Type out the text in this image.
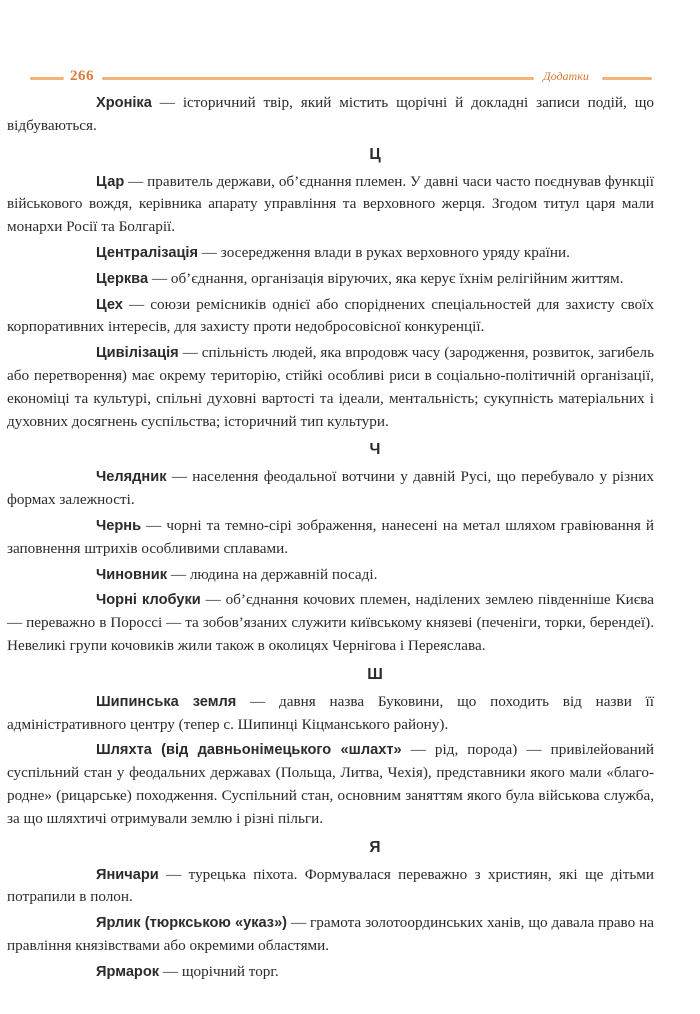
266	Додатки

Хроніка — історичний твір, який містить щорічні й докладні записи подій, що відбуваються.

Ц

Цар — правитель держави, об’єднання племен. У давні часи часто поєднував функції військового вождя, керівника апарату управління та верховного жерця. Згодом титул царя мали монархи Росії та Болгарії.

Централізація — зосередження влади в руках верховного уряду країни.

Церква — об’єднання, організація віруючих, яка керує їхнім релігійним життям.

Цех — союзи ремісників однієї або споріднених спеціальностей для захисту своїх корпоративних інтересів, для захисту проти недобросовісної конкуренції.

Цивілізація — спільність людей, яка впродовж часу (зародження, розвиток, загибель або перетворення) має окрему територію, стійкі особливі риси в соціально-політичній організації, економіці та культурі, спільні духовні вартості та ідеали, ментальність; сукупність матеріальних і духовних досягнень суспільства; історичний тип культури.

Ч

Челядник — населення феодальної вотчини у давній Русі, що перебувало у різних формах залежності.

Чернь — чорні та темно-сірі зображення, нанесені на метал шляхом гравіювання й заповнення штрихів особливими сплавами.

Чиновник — людина на державній посаді.

Чорні клобуки — об’єднання кочових племен, наділених землею південніше Києва — переважно в Пороссі — та зобов’язаних служити київському князеві (печеніги, торки, берендеї). Невеликі групи кочовиків жили також в околицях Чернігова і Переяслава.

Ш

Шипинська земля — давня назва Буковини, що походить від назви її адміністративного центру (тепер с. Шипинці Кіцманського району).

Шляхта (від давньонімецького «шлахт» — рід, порода) — привілейований суспільний стан у феодальних державах (Польща, Литва, Чехія), представники якого мали «благо-родне» (рицарське) походження. Суспільний стан, основним заняттям якого була військова служба, за що шляхтичі отримували землю і різні пільги.

Я

Яничари — турецька піхота. Формувалася переважно з християн, які ще дітьми потрапили в полон.

Ярлик (тюркською «указ») — грамота золотоординських ханів, що давала право на правління князівствами або окремими областями.

Ярмарок — щорічний торг.
